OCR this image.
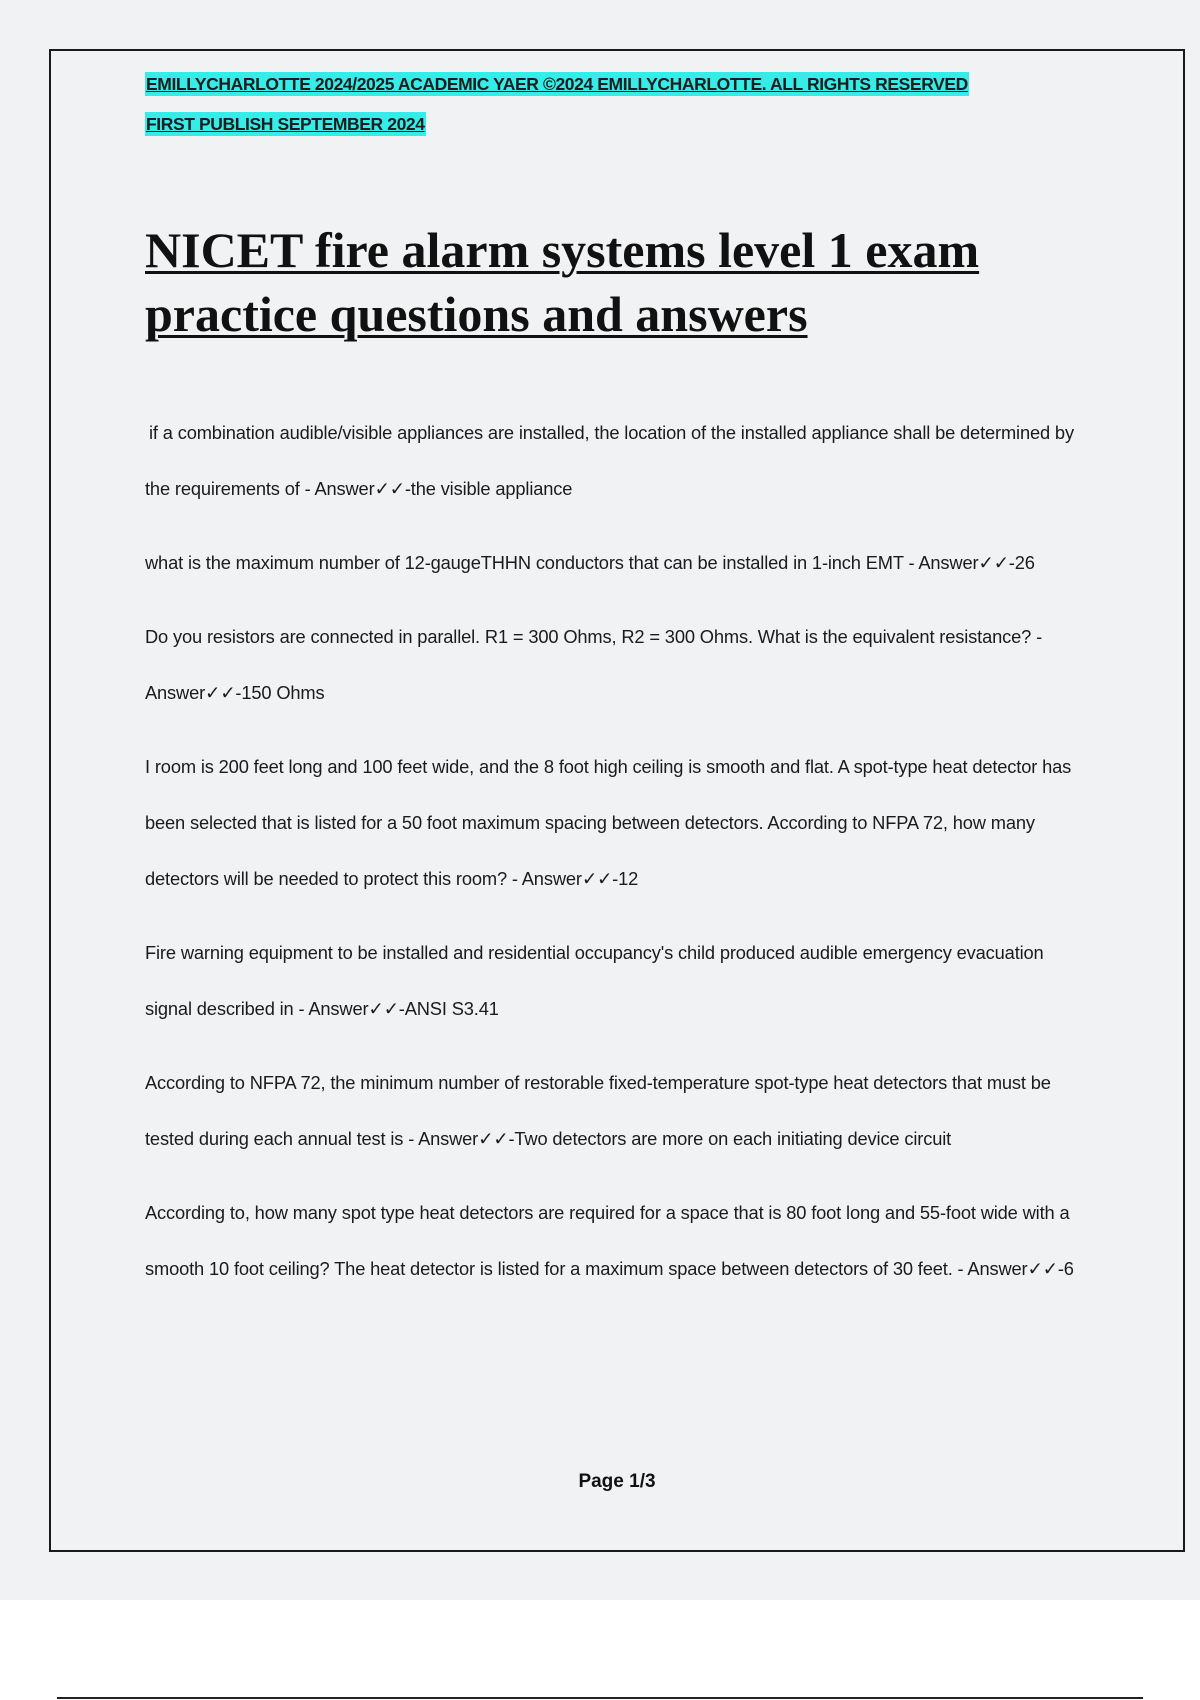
EMILLYCHARLOTTE 2024/2025 ACADEMIC YAER ©2024 EMILLYCHARLOTTE. ALL RIGHTS RESERVED
FIRST PUBLISH SEPTEMBER 2024
NICET fire alarm systems level 1 exam practice questions and answers

if a combination audible/visible appliances are installed, the location of the installed appliance shall be determined by the requirements of - Answer✓✓-the visible appliance

what is the maximum number of 12-gaugeTHHN conductors that can be installed in 1-inch EMT - Answer✓✓-26

Do you resistors are connected in parallel. R1 = 300 Ohms, R2 = 300 Ohms. What is the equivalent resistance? - Answer✓✓-150 Ohms

I room is 200 feet long and 100 feet wide, and the 8 foot high ceiling is smooth and flat. A spot-type heat detector has been selected that is listed for a 50 foot maximum spacing between detectors. According to NFPA 72, how many detectors will be needed to protect this room? - Answer✓✓-12

Fire warning equipment to be installed and residential occupancy's child produced audible emergency evacuation signal described in - Answer✓✓-ANSI S3.41

According to NFPA 72, the minimum number of restorable fixed-temperature spot-type heat detectors that must be tested during each annual test is - Answer✓✓-Two detectors are more on each initiating device circuit

According to, how many spot type heat detectors are required for a space that is 80 foot long and 55-foot wide with a smooth 10 foot ceiling? The heat detector is listed for a maximum space between detectors of 30 feet. - Answer✓✓-6

Page 1/3
